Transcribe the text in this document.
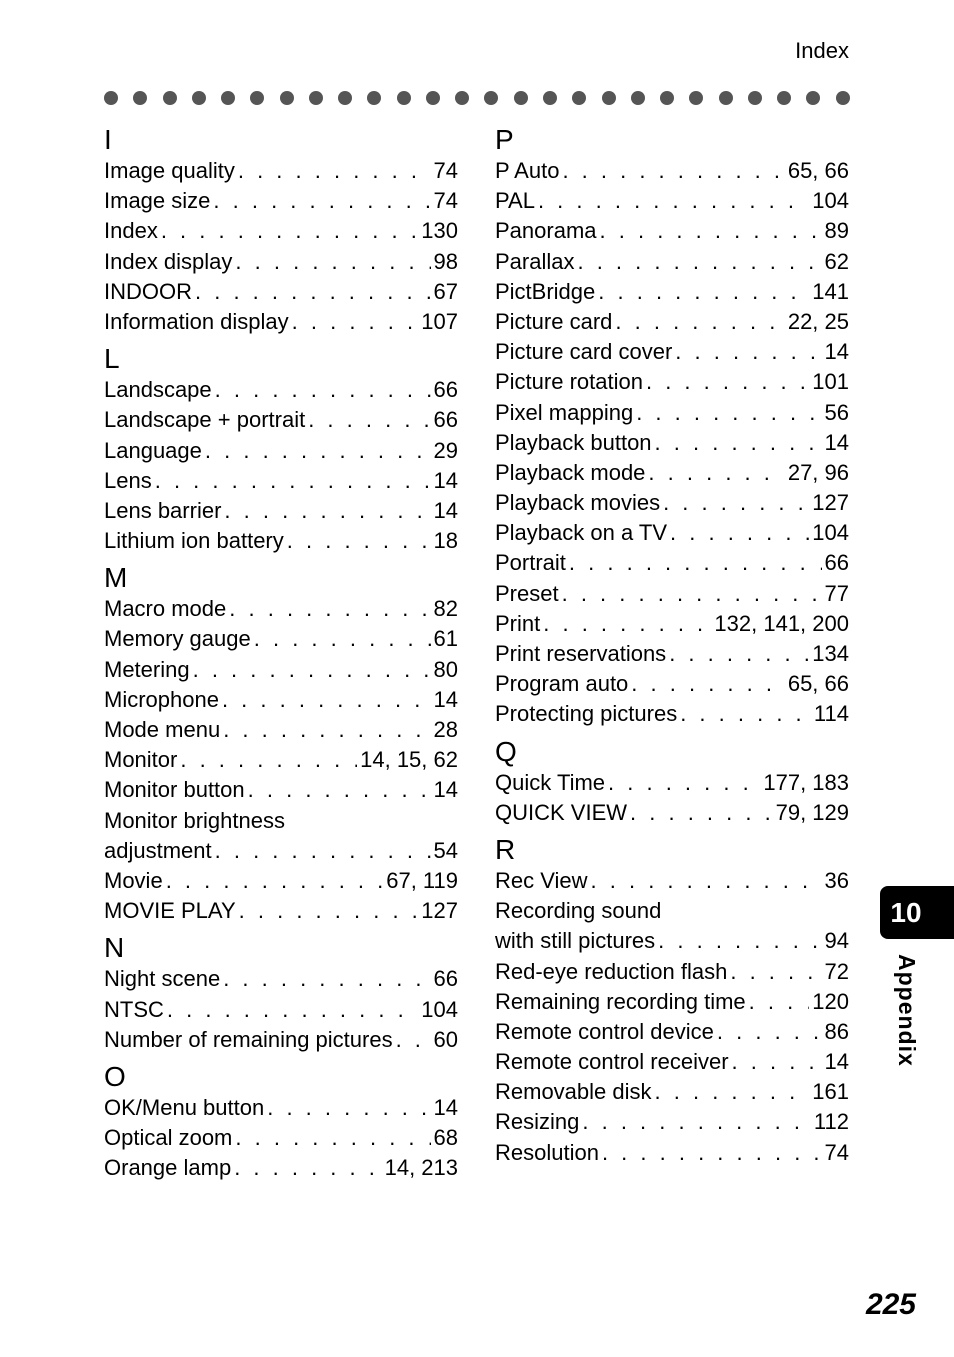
Index
I
Image quality . . .	74
Image size . . .	74
Index . . .	130
Index display . . .	98
INDOOR . . .	67
Information display . . .	107
L
Landscape . . .	66
Landscape + portrait . . .	66
Language . . .	29
Lens . . .	14
Lens barrier . . .	14
Lithium ion battery . . .	18
M
Macro mode . . .	82
Memory gauge . . .	61
Metering . . .	80
Microphone . . .	14
Mode menu . . .	28
Monitor . . .	14, 15, 62
Monitor button . . .	14
Monitor brightness
adjustment . . .	54
Movie . . .	67, 119
MOVIE PLAY . . .	127
N
Night scene . . .	66
NTSC . . .	104
Number of remaining pictures . . . 60
O
OK/Menu button . . .	14
Optical zoom . . .	68
Orange lamp . . .	14, 213
P
P Auto . . .	65, 66
PAL . . .	104
Panorama . . .	89
Parallax . . .	62
PictBridge . . .	141
Picture card . . .	22, 25
Picture card cover . . .	14
Picture rotation . . .	101
Pixel mapping . . .	56
Playback button . . .	14
Playback mode . . .	27, 96
Playback movies . . .	127
Playback on a TV . . .	104
Portrait . . .	66
Preset . . .	77
Print . . .	132, 141, 200
Print reservations . . .	134
Program auto . . .	65, 66
Protecting pictures . . .	114
Q
Quick Time . . .	177, 183
QUICK VIEW . . .	79, 129
R
Rec View . . .	36
Recording sound
with still pictures . . .	94
Red-eye reduction flash . . .	72
Remaining recording time . . .	120
Remote control device . . .	86
Remote control receiver . . .	14
Removable disk . . .	161
Resizing . . .	112
Resolution . . .	74
10
Appendix
225
